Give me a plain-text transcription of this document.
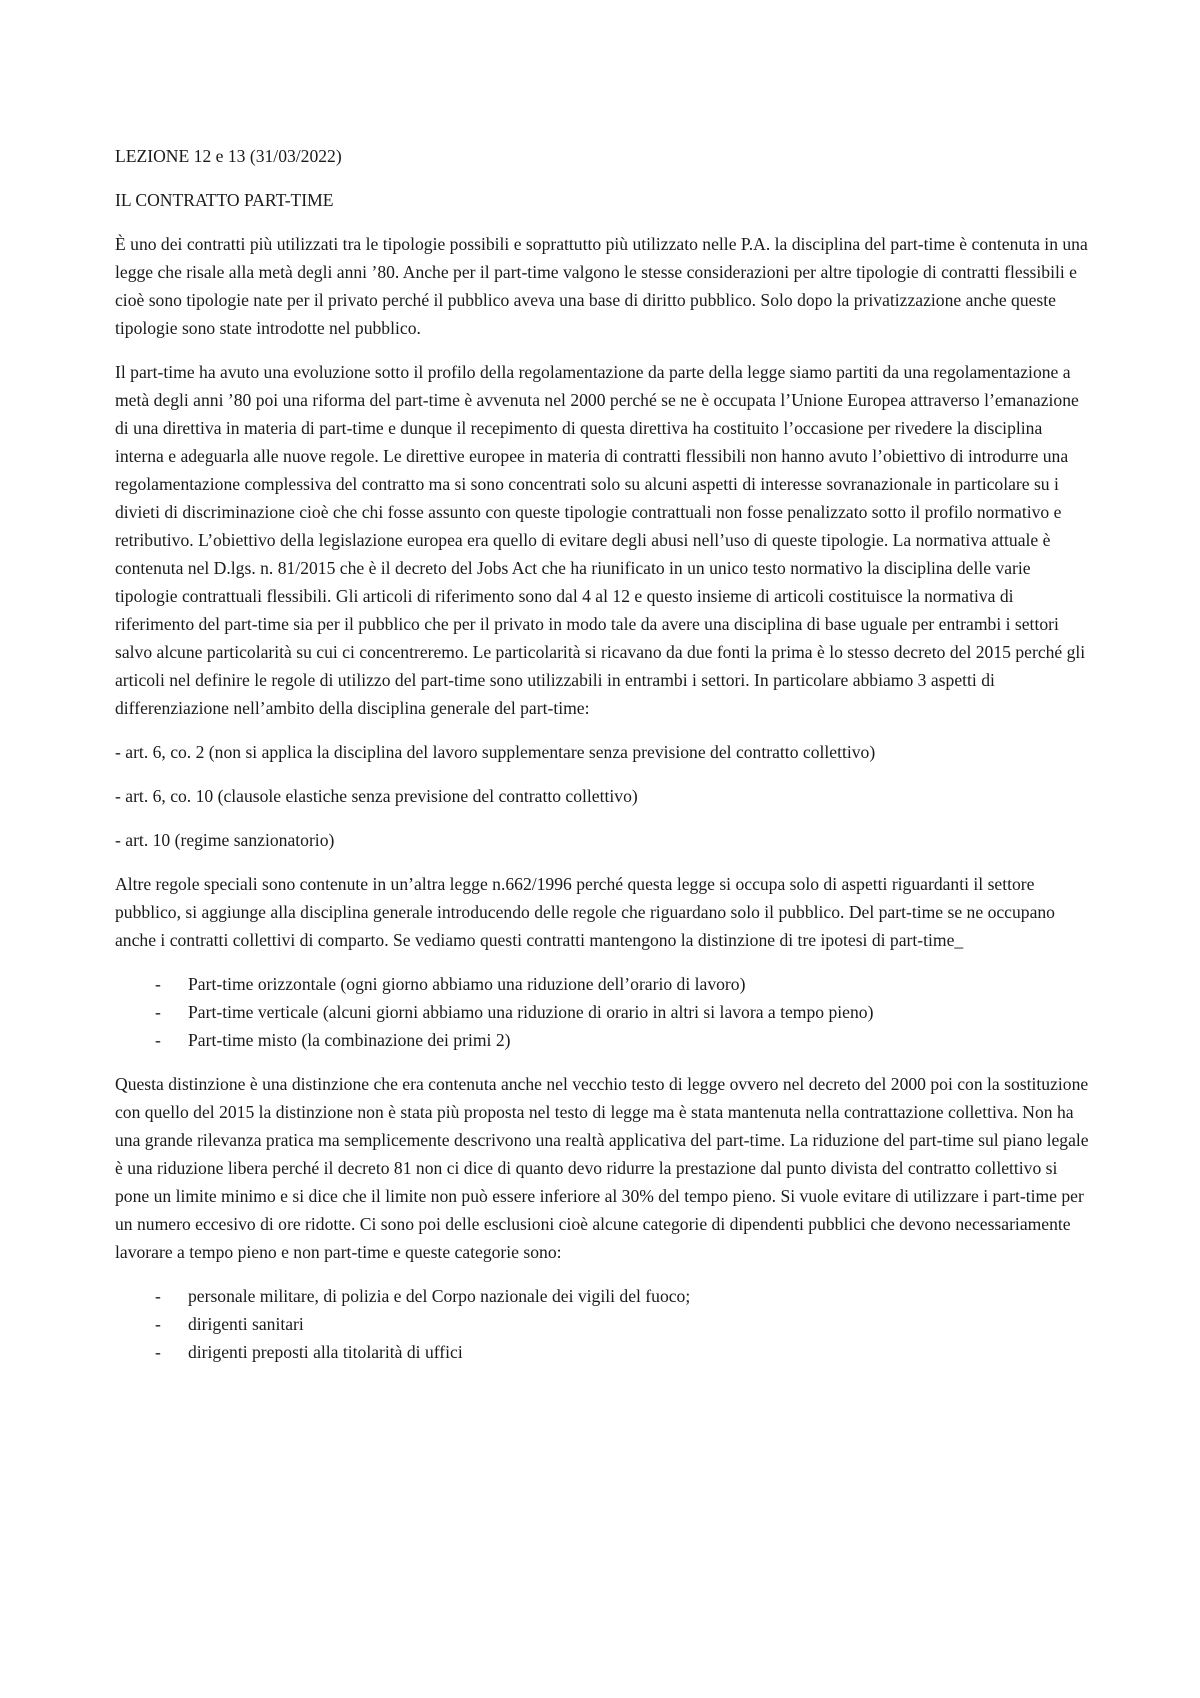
LEZIONE 12 e 13 (31/03/2022)
IL CONTRATTO PART-TIME

È uno dei contratti più utilizzati tra le tipologie possibili e soprattutto più utilizzato nelle P.A. la disciplina del part-time è contenuta in una legge che risale alla metà degli anni ’80. Anche per il part-time valgono le stesse considerazioni per altre tipologie di contratti flessibili e cioè sono tipologie nate per il privato perché il pubblico aveva una base di diritto pubblico. Solo dopo la privatizzazione anche queste tipologie sono state introdotte nel pubblico.

Il part-time ha avuto una evoluzione sotto il profilo della regolamentazione da parte della legge siamo partiti da una regolamentazione a metà degli anni ’80 poi una riforma del part-time è avvenuta nel 2000 perché se ne è occupata l’Unione Europea attraverso l’emanazione di una direttiva in materia di part-time e dunque il recepimento di questa direttiva ha costituito l’occasione per rivedere la disciplina interna e adeguarla alle nuove regole. Le direttive europee in materia di contratti flessibili non hanno avuto l’obiettivo di introdurre una regolamentazione complessiva del contratto ma si sono concentrati solo su alcuni aspetti di interesse sovranazionale in particolare su i divieti di discriminazione cioè che chi fosse assunto con queste tipologie contrattuali non fosse penalizzato sotto il profilo normativo e retributivo. L’obiettivo della legislazione europea era quello di evitare degli abusi nell’uso di queste tipologie. La normativa attuale è contenuta nel D.lgs. n. 81/2015 che è il decreto del Jobs Act che ha riunificato in un unico testo normativo la disciplina delle varie tipologie contrattuali flessibili. Gli articoli di riferimento sono dal 4 al 12 e questo insieme di articoli costituisce la normativa di riferimento del part-time sia per il pubblico che per il privato in modo tale da avere una disciplina di base uguale per entrambi i settori salvo alcune particolarità su cui ci concentreremo. Le particolarità si ricavano da due fonti la prima è lo stesso decreto del 2015 perché gli articoli nel definire le regole di utilizzo del part-time sono utilizzabili in entrambi i settori. In particolare abbiamo 3 aspetti di differenziazione nell’ambito della disciplina generale del part-time:

- art. 6, co. 2 (non si applica la disciplina del lavoro supplementare senza previsione del contratto collettivo)
- art. 6, co. 10 (clausole elastiche senza previsione del contratto collettivo)
- art. 10 (regime sanzionatorio)

Altre regole speciali sono contenute in un’altra legge n.662/1996 perché questa legge si occupa solo di aspetti riguardanti il settore pubblico, si aggiunge alla disciplina generale introducendo delle regole che riguardano solo il pubblico. Del part-time se ne occupano anche i contratti collettivi di comparto. Se vediamo questi contratti mantengono la distinzione di tre ipotesi di part-time_

- Part-time orizzontale (ogni giorno abbiamo una riduzione dell’orario di lavoro)
- Part-time verticale (alcuni giorni abbiamo una riduzione di orario in altri si lavora a tempo pieno)
- Part-time misto (la combinazione dei primi 2)

Questa distinzione è una distinzione che era contenuta anche nel vecchio testo di legge ovvero nel decreto del 2000 poi con la sostituzione con quello del 2015 la distinzione non è stata più proposta nel testo di legge ma è stata mantenuta nella contrattazione collettiva. Non ha una grande rilevanza pratica ma semplicemente descrivono una realtà applicativa del part-time. La riduzione del part-time sul piano legale è una riduzione libera perché il decreto 81 non ci dice di quanto devo ridurre la prestazione dal punto divista del contratto collettivo si pone un limite minimo e si dice che il limite non può essere inferiore al 30% del tempo pieno. Si vuole evitare di utilizzare i part-time per un numero eccesivo di ore ridotte. Ci sono poi delle esclusioni cioè alcune categorie di dipendenti pubblici che devono necessariamente lavorare a tempo pieno e non part-time e queste categorie sono:

- personale militare, di polizia e del Corpo nazionale dei vigili del fuoco;
- dirigenti sanitari
- dirigenti preposti alla titolarità di uffici
